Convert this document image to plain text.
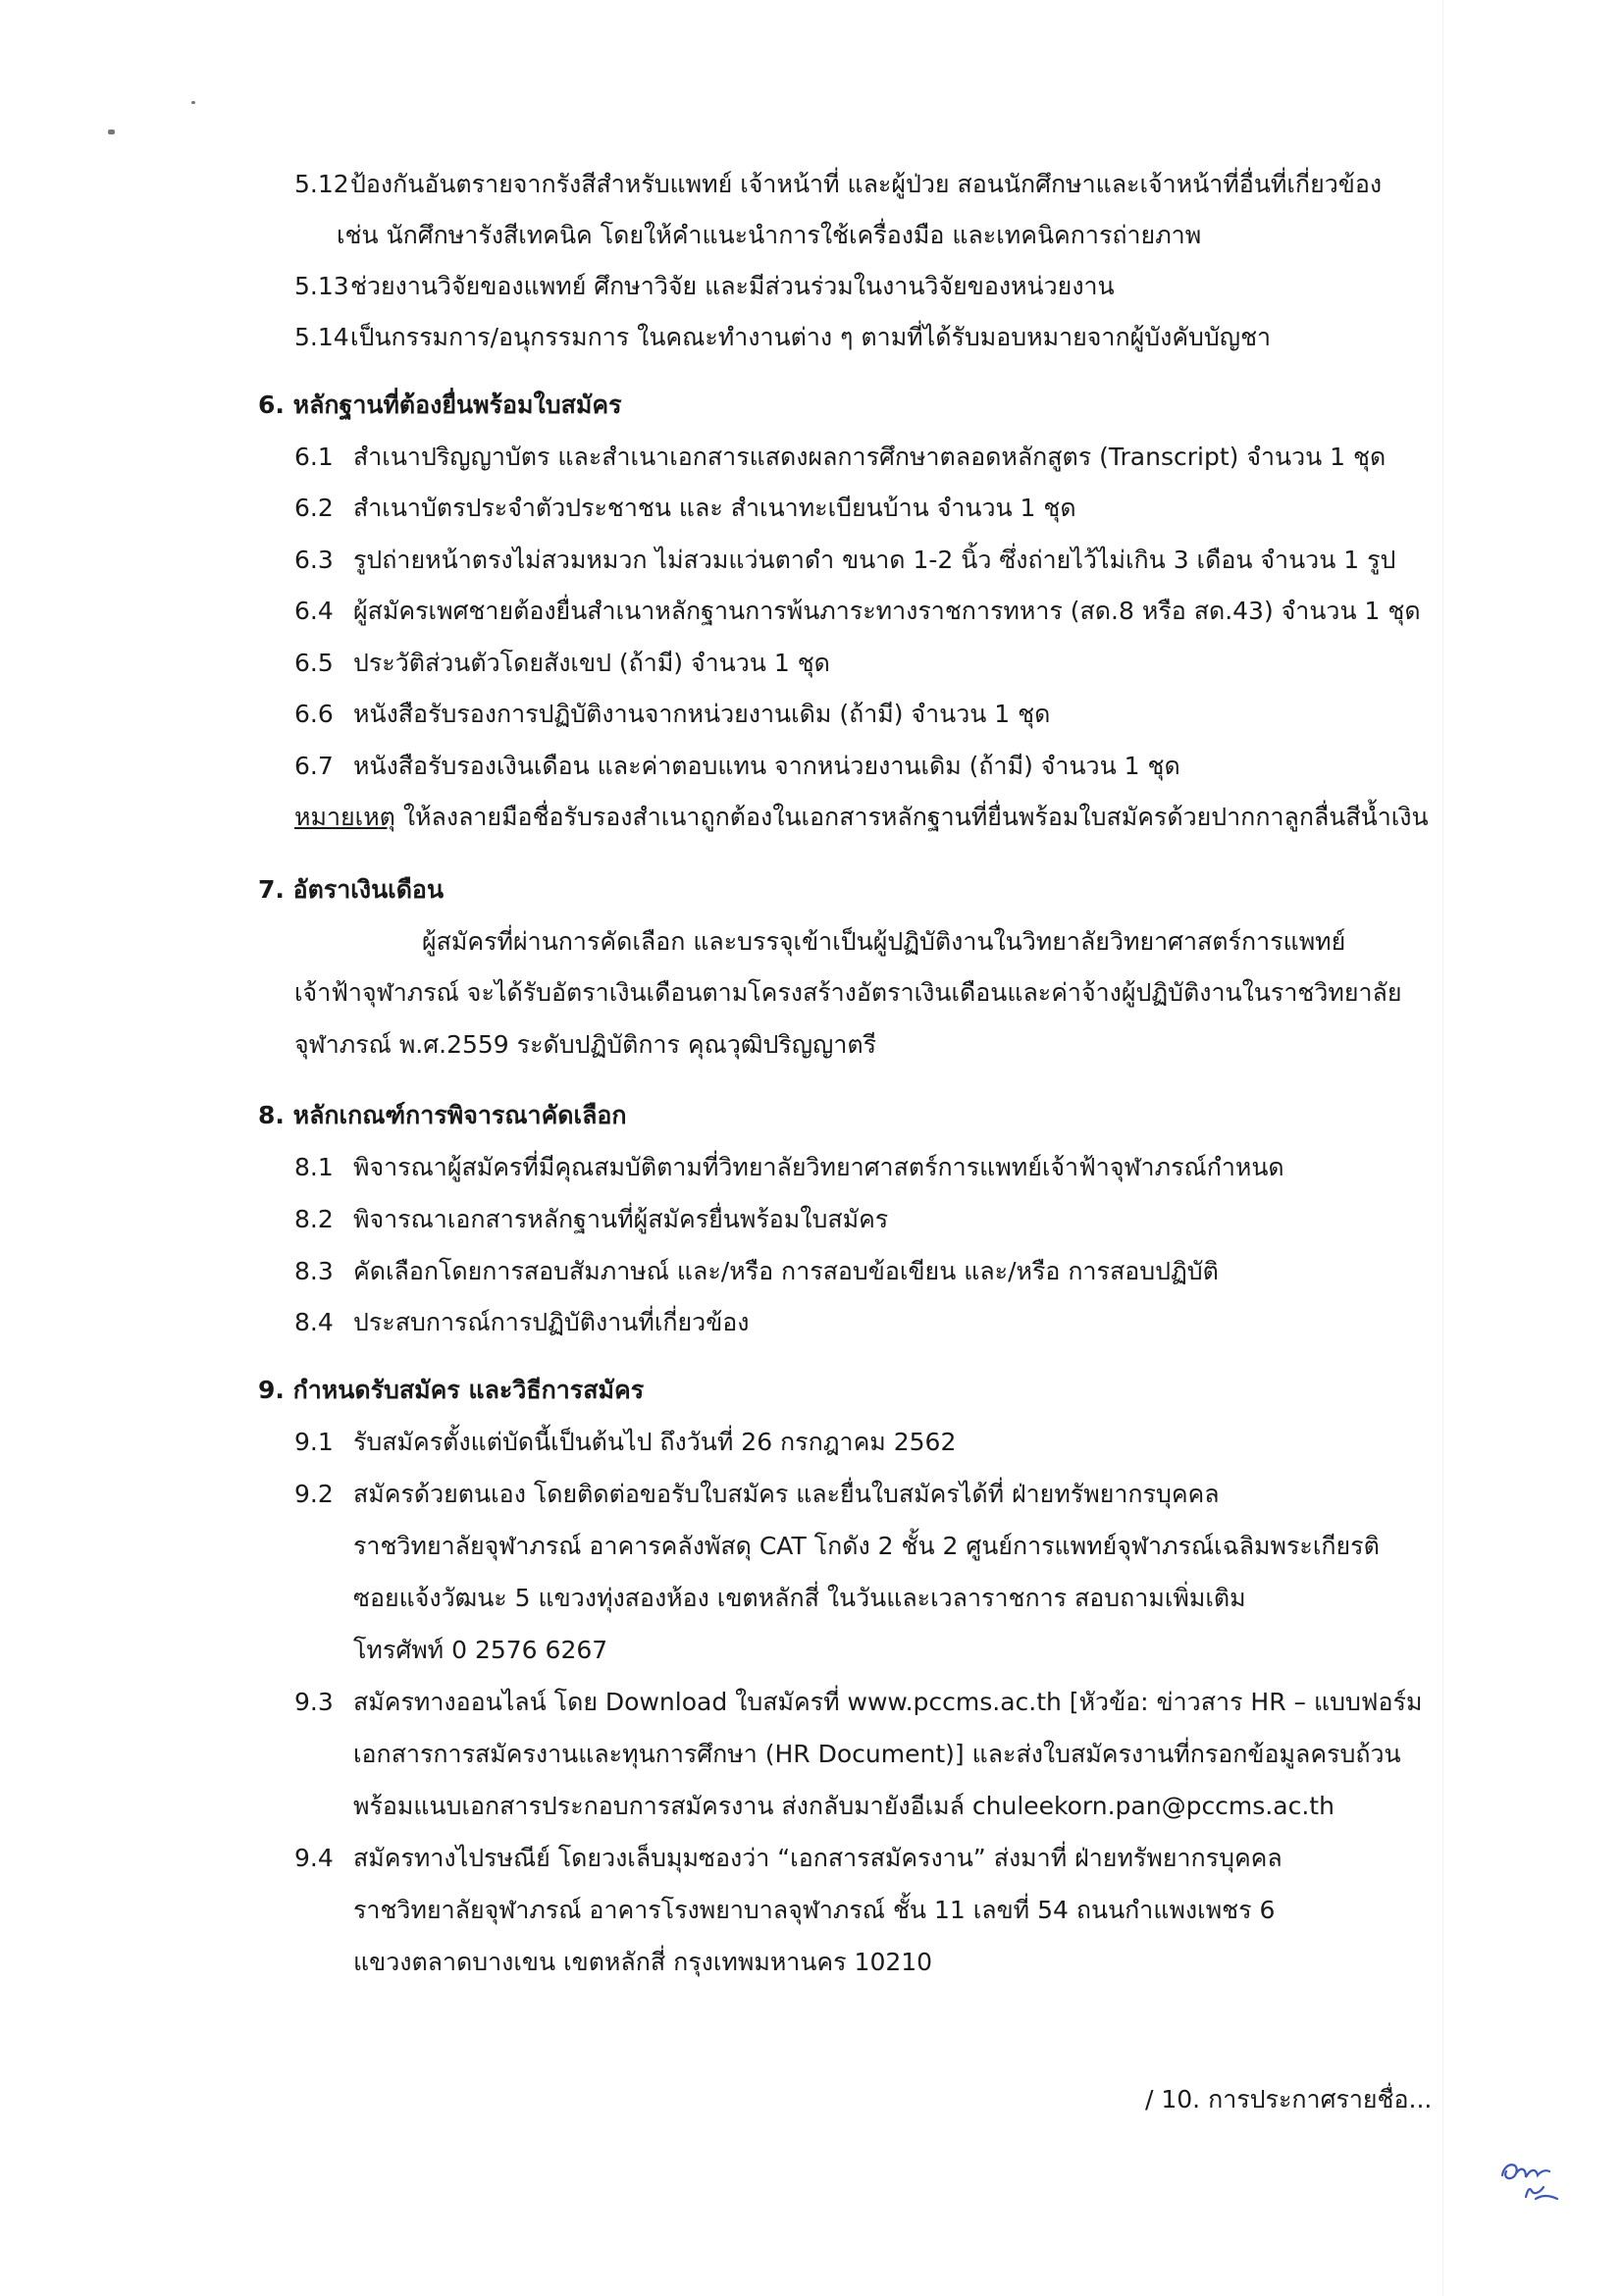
5.12 ป้องกันอันตรายจากรังสีสำหรับแพทย์ เจ้าหน้าที่ และผู้ป่วย สอนนักศึกษาและเจ้าหน้าที่อื่นที่เกี่ยวข้อง
เช่น นักศึกษารังสีเทคนิค โดยให้คำแนะนำการใช้เครื่องมือ และเทคนิคการถ่ายภาพ
5.13 ช่วยงานวิจัยของแพทย์ ศึกษาวิจัย และมีส่วนร่วมในงานวิจัยของหน่วยงาน
5.14 เป็นกรรมการ/อนุกรรมการ ในคณะทำงานต่าง ๆ ตามที่ได้รับมอบหมายจากผู้บังคับบัญชา
6. หลักฐานที่ต้องยื่นพร้อมใบสมัคร
6.1 สำเนาปริญญาบัตร และสำเนาเอกสารแสดงผลการศึกษาตลอดหลักสูตร (Transcript) จำนวน 1 ชุด
6.2 สำเนาบัตรประจำตัวประชาชน และ สำเนาทะเบียนบ้าน จำนวน 1 ชุด
6.3 รูปถ่ายหน้าตรงไม่สวมหมวก ไม่สวมแว่นตาดำ ขนาด 1-2 นิ้ว ซึ่งถ่ายไว้ไม่เกิน 3 เดือน จำนวน 1 รูป
6.4 ผู้สมัครเพศชายต้องยื่นสำเนาหลักฐานการพ้นภาระทางราชการทหาร (สด.8 หรือ สด.43) จำนวน 1 ชุด
6.5 ประวัติส่วนตัวโดยสังเขป (ถ้ามี) จำนวน 1 ชุด
6.6 หนังสือรับรองการปฏิบัติงานจากหน่วยงานเดิม (ถ้ามี) จำนวน 1 ชุด
6.7 หนังสือรับรองเงินเดือน และค่าตอบแทน จากหน่วยงานเดิม (ถ้ามี) จำนวน 1 ชุด
หมายเหตุ ให้ลงลายมือชื่อรับรองสำเนาถูกต้องในเอกสารหลักฐานที่ยื่นพร้อมใบสมัครด้วยปากกาลูกลื่นสีน้ำเงิน
7. อัตราเงินเดือน
ผู้สมัครที่ผ่านการคัดเลือก และบรรจุเข้าเป็นผู้ปฏิบัติงานในวิทยาลัยวิทยาศาสตร์การแพทย์
เจ้าฟ้าจุฬาภรณ์ จะได้รับอัตราเงินเดือนตามโครงสร้างอัตราเงินเดือนและค่าจ้างผู้ปฏิบัติงานในราชวิทยาลัย
จุฬาภรณ์ พ.ศ.2559 ระดับปฏิบัติการ คุณวุฒิปริญญาตรี
8. หลักเกณฑ์การพิจารณาคัดเลือก
8.1 พิจารณาผู้สมัครที่มีคุณสมบัติตามที่วิทยาลัยวิทยาศาสตร์การแพทย์เจ้าฟ้าจุฬาภรณ์กำหนด
8.2 พิจารณาเอกสารหลักฐานที่ผู้สมัครยื่นพร้อมใบสมัคร
8.3 คัดเลือกโดยการสอบสัมภาษณ์ และ/หรือ การสอบข้อเขียน และ/หรือ การสอบปฏิบัติ
8.4 ประสบการณ์การปฏิบัติงานที่เกี่ยวข้อง
9. กำหนดรับสมัคร และวิธีการสมัคร
9.1 รับสมัครตั้งแต่บัดนี้เป็นต้นไป ถึงวันที่ 26 กรกฎาคม 2562
9.2 สมัครด้วยตนเอง โดยติดต่อขอรับใบสมัคร และยื่นใบสมัครได้ที่ ฝ่ายทรัพยากรบุคคล
ราชวิทยาลัยจุฬาภรณ์ อาคารคลังพัสดุ CAT โกดัง 2 ชั้น 2 ศูนย์การแพทย์จุฬาภรณ์เฉลิมพระเกียรติ
ซอยแจ้งวัฒนะ 5 แขวงทุ่งสองห้อง เขตหลักสี่ ในวันและเวลาราชการ สอบถามเพิ่มเติม
โทรศัพท์ 0 2576 6267
9.3 สมัครทางออนไลน์ โดย Download ใบสมัครที่ www.pccms.ac.th [หัวข้อ: ข่าวสาร HR – แบบฟอร์ม
เอกสารการสมัครงานและทุนการศึกษา (HR Document)] และส่งใบสมัครงานที่กรอกข้อมูลครบถ้วน
พร้อมแนบเอกสารประกอบการสมัครงาน ส่งกลับมายังอีเมล์ chuleekorn.pan@pccms.ac.th
9.4 สมัครทางไปรษณีย์ โดยวงเล็บมุมซองว่า “เอกสารสมัครงาน” ส่งมาที่ ฝ่ายทรัพยากรบุคคล
ราชวิทยาลัยจุฬาภรณ์ อาคารโรงพยาบาลจุฬาภรณ์ ชั้น 11 เลขที่ 54 ถนนกำแพงเพชร 6
แขวงตลาดบางเขน เขตหลักสี่ กรุงเทพมหานคร 10210
/ 10. การประกาศรายชื่อ...
